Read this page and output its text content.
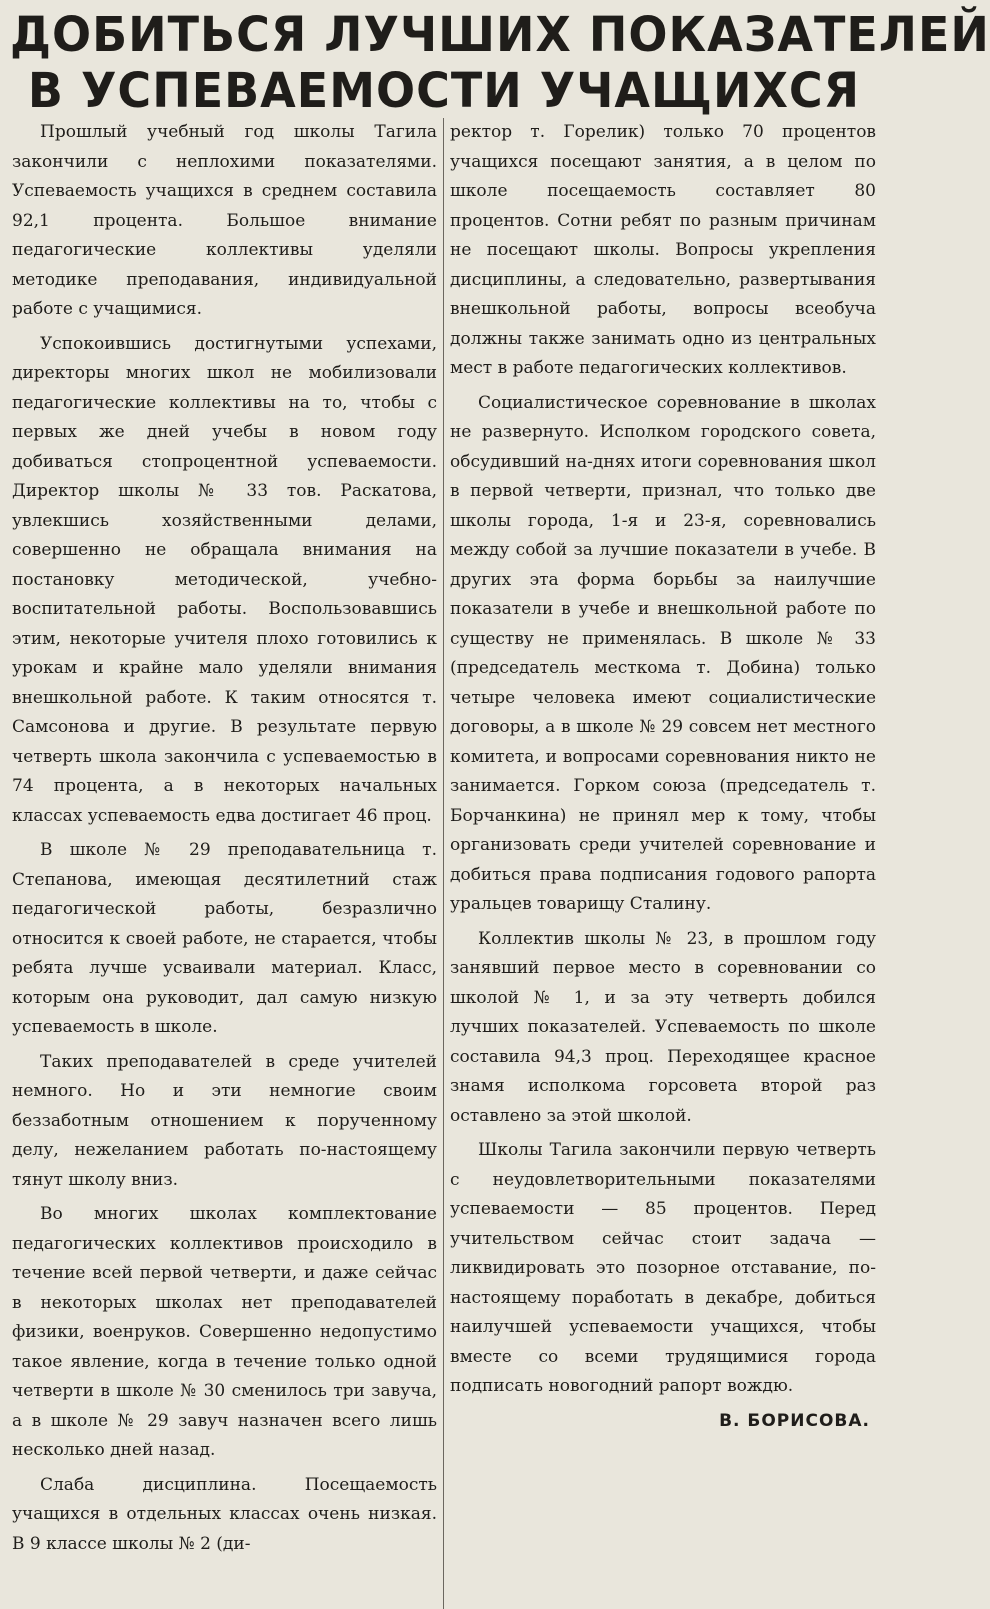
ДОБИТЬСЯ ЛУЧШИХ ПОКАЗАТЕЛЕЙ
В УСПЕВАЕМОСТИ УЧАЩИХСЯ

Прошлый учебный год школы Тагила закончили с неплохими показателями. Успеваемость учащихся в среднем составила 92,1 процента. Большое внимание педагогические коллективы уделяли методике преподавания, индивидуальной работе с учащимися.

Успокоившись достигнутыми успехами, директоры многих школ не мобилизовали педагогические коллективы на то, чтобы с первых же дней учебы в новом году добиваться стопроцентной успеваемости. Директор школы № 33 тов. Раскатова, увлекшись хозяйственными делами, совершенно не обращала внимания на постановку методической, учебно-воспитательной работы. Воспользовавшись этим, некоторые учителя плохо готовились к урокам и крайне мало уделяли внимания внешкольной работе. К таким относятся т. Самсонова и другие. В результате первую четверть школа закончила с успеваемостью в 74 процента, а в некоторых начальных классах успеваемость едва достигает 46 проц.

В школе № 29 преподавательница т. Степанова, имеющая десятилетний стаж педагогической работы, безразлично относится к своей работе, не старается, чтобы ребята лучше усваивали материал. Класс, которым она руководит, дал самую низкую успеваемость в школе.

Таких преподавателей в среде учителей немного. Но и эти немногие своим беззаботным отношением к порученному делу, нежеланием работать по-настоящему тянут школу вниз.

Во многих школах комплектование педагогических коллективов происходило в течение всей первой четверти, и даже сейчас в некоторых школах нет преподавателей физики, военруков. Совершенно недопустимо такое явление, когда в течение только одной четверти в школе № 30 сменилось три завуча, а в школе № 29 завуч назначен всего лишь несколько дней назад.

Слаба дисциплина. Посещаемость учащихся в отдельных классах очень низкая. В 9 классе школы № 2 (ди-

ректор т. Горелик) только 70 процентов учащихся посещают занятия, а в целом по школе посещаемость составляет 80 процентов. Сотни ребят по разным причинам не посещают школы. Вопросы укрепления дисциплины, а следовательно, развертывания внешкольной работы, вопросы всеобуча должны также занимать одно из центральных мест в работе педагогических коллективов.

Социалистическое соревнование в школах не развернуто. Исполком городского совета, обсудивший на-днях итоги соревнования школ в первой четверти, признал, что только две школы города, 1-я и 23-я, соревновались между собой за лучшие показатели в учебе. В других эта форма борьбы за наилучшие показатели в учебе и внешкольной работе по существу не применялась. В школе № 33 (председатель месткома т. Добина) только четыре человека имеют социалистические договоры, а в школе № 29 совсем нет местного комитета, и вопросами соревнования никто не занимается. Горком союза (председатель т. Борчанкина) не принял мер к тому, чтобы организовать среди учителей соревнование и добиться права подписания годового рапорта уральцев товарищу Сталину.

Коллектив школы № 23, в прошлом году занявший первое место в соревновании со школой № 1, и за эту четверть добился лучших показателей. Успеваемость по школе составила 94,3 проц. Переходящее красное знамя исполкома горсовета второй раз оставлено за этой школой.

Школы Тагила закончили первую четверть с неудовлетворительными показателями успеваемости — 85 процентов. Перед учительством сейчас стоит задача — ликвидировать это позорное отставание, по-настоящему поработать в декабре, добиться наилучшей успеваемости учащихся, чтобы вместе со всеми трудящимися города подписать новогодний рапорт вождю.

В. БОРИСОВА.
